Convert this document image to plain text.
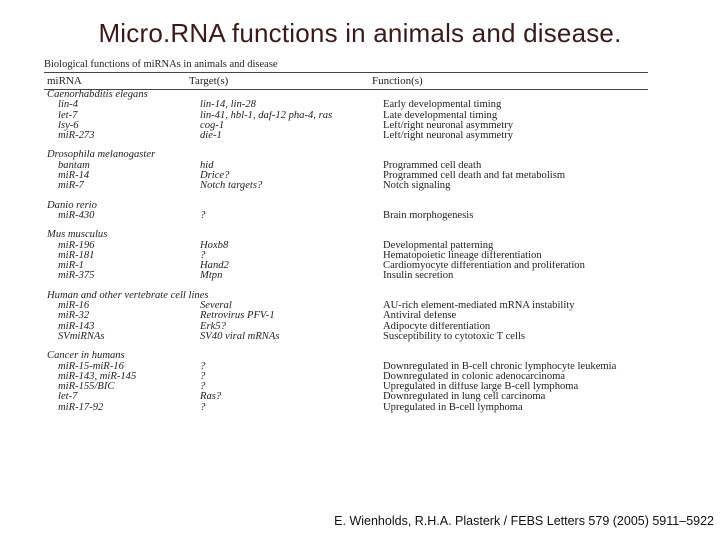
Micro.RNA functions in animals and disease.
Biological functions of miRNAs in animals and disease
miRNA	Target(s)	Function(s)
Caenorhabditis elegans
lin-4	lin-14, lin-28	Early developmental timing
let-7	lin-41, hbl-1, daf-12 pha-4, ras	Late developmental timing
lsy-6	cog-1	Left/right neuronal asymmetry
miR-273	die-1	Left/right neuronal asymmetry
Drosophila melanogaster
bantam	hid	Programmed cell death
miR-14	Drice?	Programmed cell death and fat metabolism
miR-7	Notch targets?	Notch signaling
Danio rerio
miR-430	?	Brain morphogenesis
Mus musculus
miR-196	Hoxb8	Developmental patterning
miR-181	?	Hematopoietic lineage differentiation
miR-1	Hand2	Cardiomyocyte differentiation and proliferation
miR-375	Mtpn	Insulin secretion
Human and other vertebrate cell lines
miR-16	Several	AU-rich element-mediated mRNA instability
miR-32	Retrovirus PFV-1	Antiviral defense
miR-143	Erk5?	Adipocyte differentiation
SVmiRNAs	SV40 viral mRNAs	Susceptibility to cytotoxic T cells
Cancer in humans
miR-15-miR-16	?	Downregulated in B-cell chronic lymphocyte leukemia
miR-143, miR-145	?	Downregulated in colonic adenocarcinoma
miR-155/BIC	?	Upregulated in diffuse large B-cell lymphoma
let-7	Ras?	Downregulated in lung cell carcinoma
miR-17-92	?	Upregulated in B-cell lymphoma
E. Wienholds, R.H.A. Plasterk / FEBS Letters 579 (2005) 5911–5922
